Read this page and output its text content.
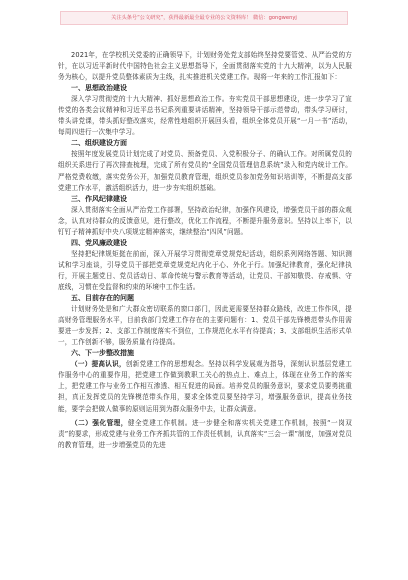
关注头条号“公文研究”，获得最新最全最专业的公文资料库！ 微信：gongwenyj

2021年，在学校机关党委的正确领导下，计划财务处党支部始终坚持党要管党、从严治党的方针，在以习近平新时代中国特色社会主义思想指导下，全面贯彻落实党的十九大精神，以为人民服务为核心，以提升党员整体素质为主线，扎实推进机关党建工作。现将一年来的工作汇报如下：

一、思想政治建设

深入学习贯彻党的十九大精神、抓好思想政治工作。夯实党员干部思想建设，进一步学习了宣传党的各类会议精神和习近平总书记系列重要讲话精神，坚持领导干部示范带动，带头学习研讨，带头讲党课，带头抓好整改落实，经常性地组织开展回头看，组织全体党员开展“一月一书”活动，每周四进行一次集中学习。

二、组织建设方面

按照年度发展党员计划完成了对党员、预备党员、入党积极分子、的确认工作。对所属党员的组织关系进行了再次排查梳理，完成了所有党员的“全国党员管理信息系统”录入和党内统计工作。严格党费收缴，落实党务公开，加强党员教育管理，组织党员参加党务知识培训等，不断提高支部党建工作水平，激活组织活力，进一步夯实组织基础。

三、作风纪律建设

深入贯彻落实全面从严治党工作部署，坚持政治纪律，加强作风建设，增强党员干部的群众观念，认真对待群众的反馈意见，进行整改，优化工作流程，不断提升服务意识。坚持以上率下，以钉钉子精神抓好中央八项规定精神落实，继续整治“四风”问题。

四、党风廉政建设

坚持把纪律规矩挺在前面，深入开展学习贯彻党章党规党纪活动，组织系列网络答题、知识测试和学习座谈，引导党员干部把党章党规党纪内化于心、外化于行。加强纪律教育，强化纪律执行，开展主题党日、党员活动日、革命传统与警示教育等活动，让党员、干部知敬畏、存戒惧、守底线，习惯在受监督和约束的环境中工作生活。

五、目前存在的问题

计划财务处是和广大群众密切联系的窗口部门，因此更需要坚持群众路线，改进工作作风，提高财务管理服务水平，目前我部门党建工作存在的主要问题有：1、党员干部先锋模范带头作用需要进一步发挥；2、支部工作制度落实不到位，工作规范化水平有待提高；3、支部组织生活形式单一，工作创新不够，服务质量有待提高。

六、下一步整改措施

（一）提高认识，创新党建工作的思想观念。坚持以科学发展观为指导，深刻认识基层党建工作服务中心的重要作用，把党建工作做到教职工关心的热点上、难点上，体现在业务工作的落实上，把党建工作与业务工作相互渗透、相互促进的局面。培养党员的服务意识，要求党员要勇挑重担，真正发挥党员的先锋模范带头作用，要求全体党员要坚持学习，增强服务意识，提高业务技能，要学会把做人做事的原则运用到为群众服务中去，让群众满意。

（二）强化管理，健全党建工作机制。进一步健全和落实机关党建工作机制，按照“一岗双责”的要求，形成党建与业务工作齐抓共管的工作责任机制，认真落实“三会一课”制度，加强对党员的教育管理，进一步增强党员的先进
